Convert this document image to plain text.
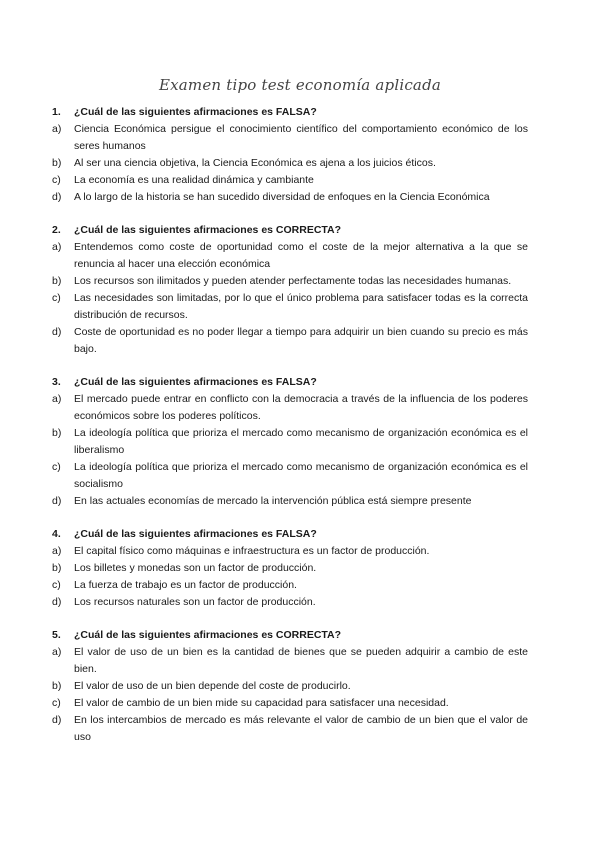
Examen tipo test economía aplicada
1.	¿Cuál de las siguientes afirmaciones es FALSA?
a)	Ciencia Económica persigue el conocimiento científico del comportamiento económico de los seres humanos
b)	Al ser una ciencia objetiva, la Ciencia Económica es ajena a los juicios éticos.
c)	La economía es una realidad dinámica y cambiante
d)	A lo largo de la historia se han sucedido diversidad de enfoques en la Ciencia Económica
2.	¿Cuál de las siguientes afirmaciones es CORRECTA?
a)	Entendemos como coste de oportunidad como el coste de la mejor alternativa a la que se renuncia al hacer una elección económica
b)	Los recursos son ilimitados y pueden atender perfectamente todas las necesidades humanas.
c)	Las necesidades son limitadas, por lo que el único problema para satisfacer todas es la correcta distribución de recursos.
d)	Coste de oportunidad es no poder llegar a tiempo para adquirir un bien cuando su precio es más bajo.
3.	¿Cuál de las siguientes afirmaciones es FALSA?
a)	El mercado puede entrar en conflicto con la democracia a través de la influencia de los poderes económicos sobre los poderes políticos.
b)	La ideología política que prioriza el mercado como mecanismo de organización económica es el liberalismo
c)	La ideología política que prioriza el mercado como mecanismo de organización económica es el socialismo
d)	En las actuales economías de mercado la intervención pública está siempre presente
4.	¿Cuál de las siguientes afirmaciones es FALSA?
a)	El capital físico como máquinas e infraestructura es un factor de producción.
b)	Los billetes y monedas son un factor de producción.
c)	La fuerza de trabajo es un factor de producción.
d)	Los recursos naturales son un factor de producción.
5.	¿Cuál de las siguientes afirmaciones es CORRECTA?
a)	El valor de uso de un bien es la cantidad de bienes que se pueden adquirir a cambio de este bien.
b)	El valor de uso de un bien depende del coste de producirlo.
c)	El valor de cambio de un bien mide su capacidad para satisfacer una necesidad.
d)	En los intercambios de mercado es más relevante el valor de cambio de un bien que el valor de uso
